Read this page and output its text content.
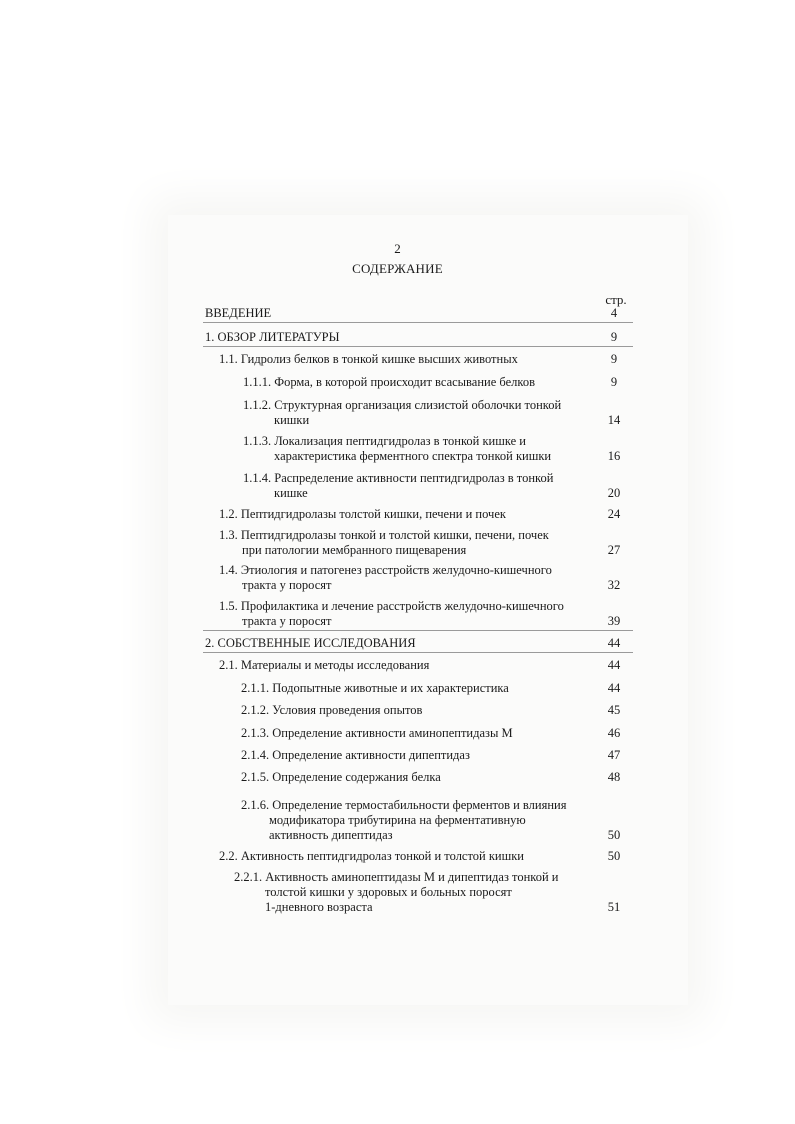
2
СОДЕРЖАНИЕ
стр.
ВВЕДЕНИЕ	4
1. ОБЗОР ЛИТЕРАТУРЫ	9
1.1. Гидролиз белков в тонкой кишке высших животных	9
1.1.1. Форма, в которой происходит всасывание белков	9
1.1.2. Структурная организация слизистой оболочки тонкой
кишки	14
1.1.3. Локализация пептидгидролаз в тонкой кишке и
характеристика ферментного спектра тонкой кишки	16
1.1.4. Распределение активности пептидгидролаз в тонкой
кишке	20
1.2. Пептидгидролазы толстой кишки, печени и почек	24
1.3. Пептидгидролазы тонкой и толстой кишки, печени, почек
при патологии мембранного пищеварения	27
1.4. Этиология и патогенез расстройств желудочно-кишечного
тракта у поросят	32
1.5. Профилактика и лечение расстройств желудочно-кишечного
тракта у поросят	39
2. СОБСТВЕННЫЕ ИССЛЕДОВАНИЯ	44
2.1. Материалы и методы исследования	44
2.1.1. Подопытные животные и их характеристика	44
2.1.2. Условия проведения опытов	45
2.1.3. Определение активности аминопептидазы М	46
2.1.4. Определение активности дипептидаз	47
2.1.5. Определение содержания белка	48
2.1.6. Определение термостабильности ферментов и влияния
модификатора трибутирина на ферментативную
активность дипептидаз	50
2.2. Активность пептидгидролаз тонкой и толстой кишки	50
2.2.1. Активность аминопептидазы М и дипептидаз тонкой и
толстой кишки у здоровых и больных поросят
1-дневного возраста	51
